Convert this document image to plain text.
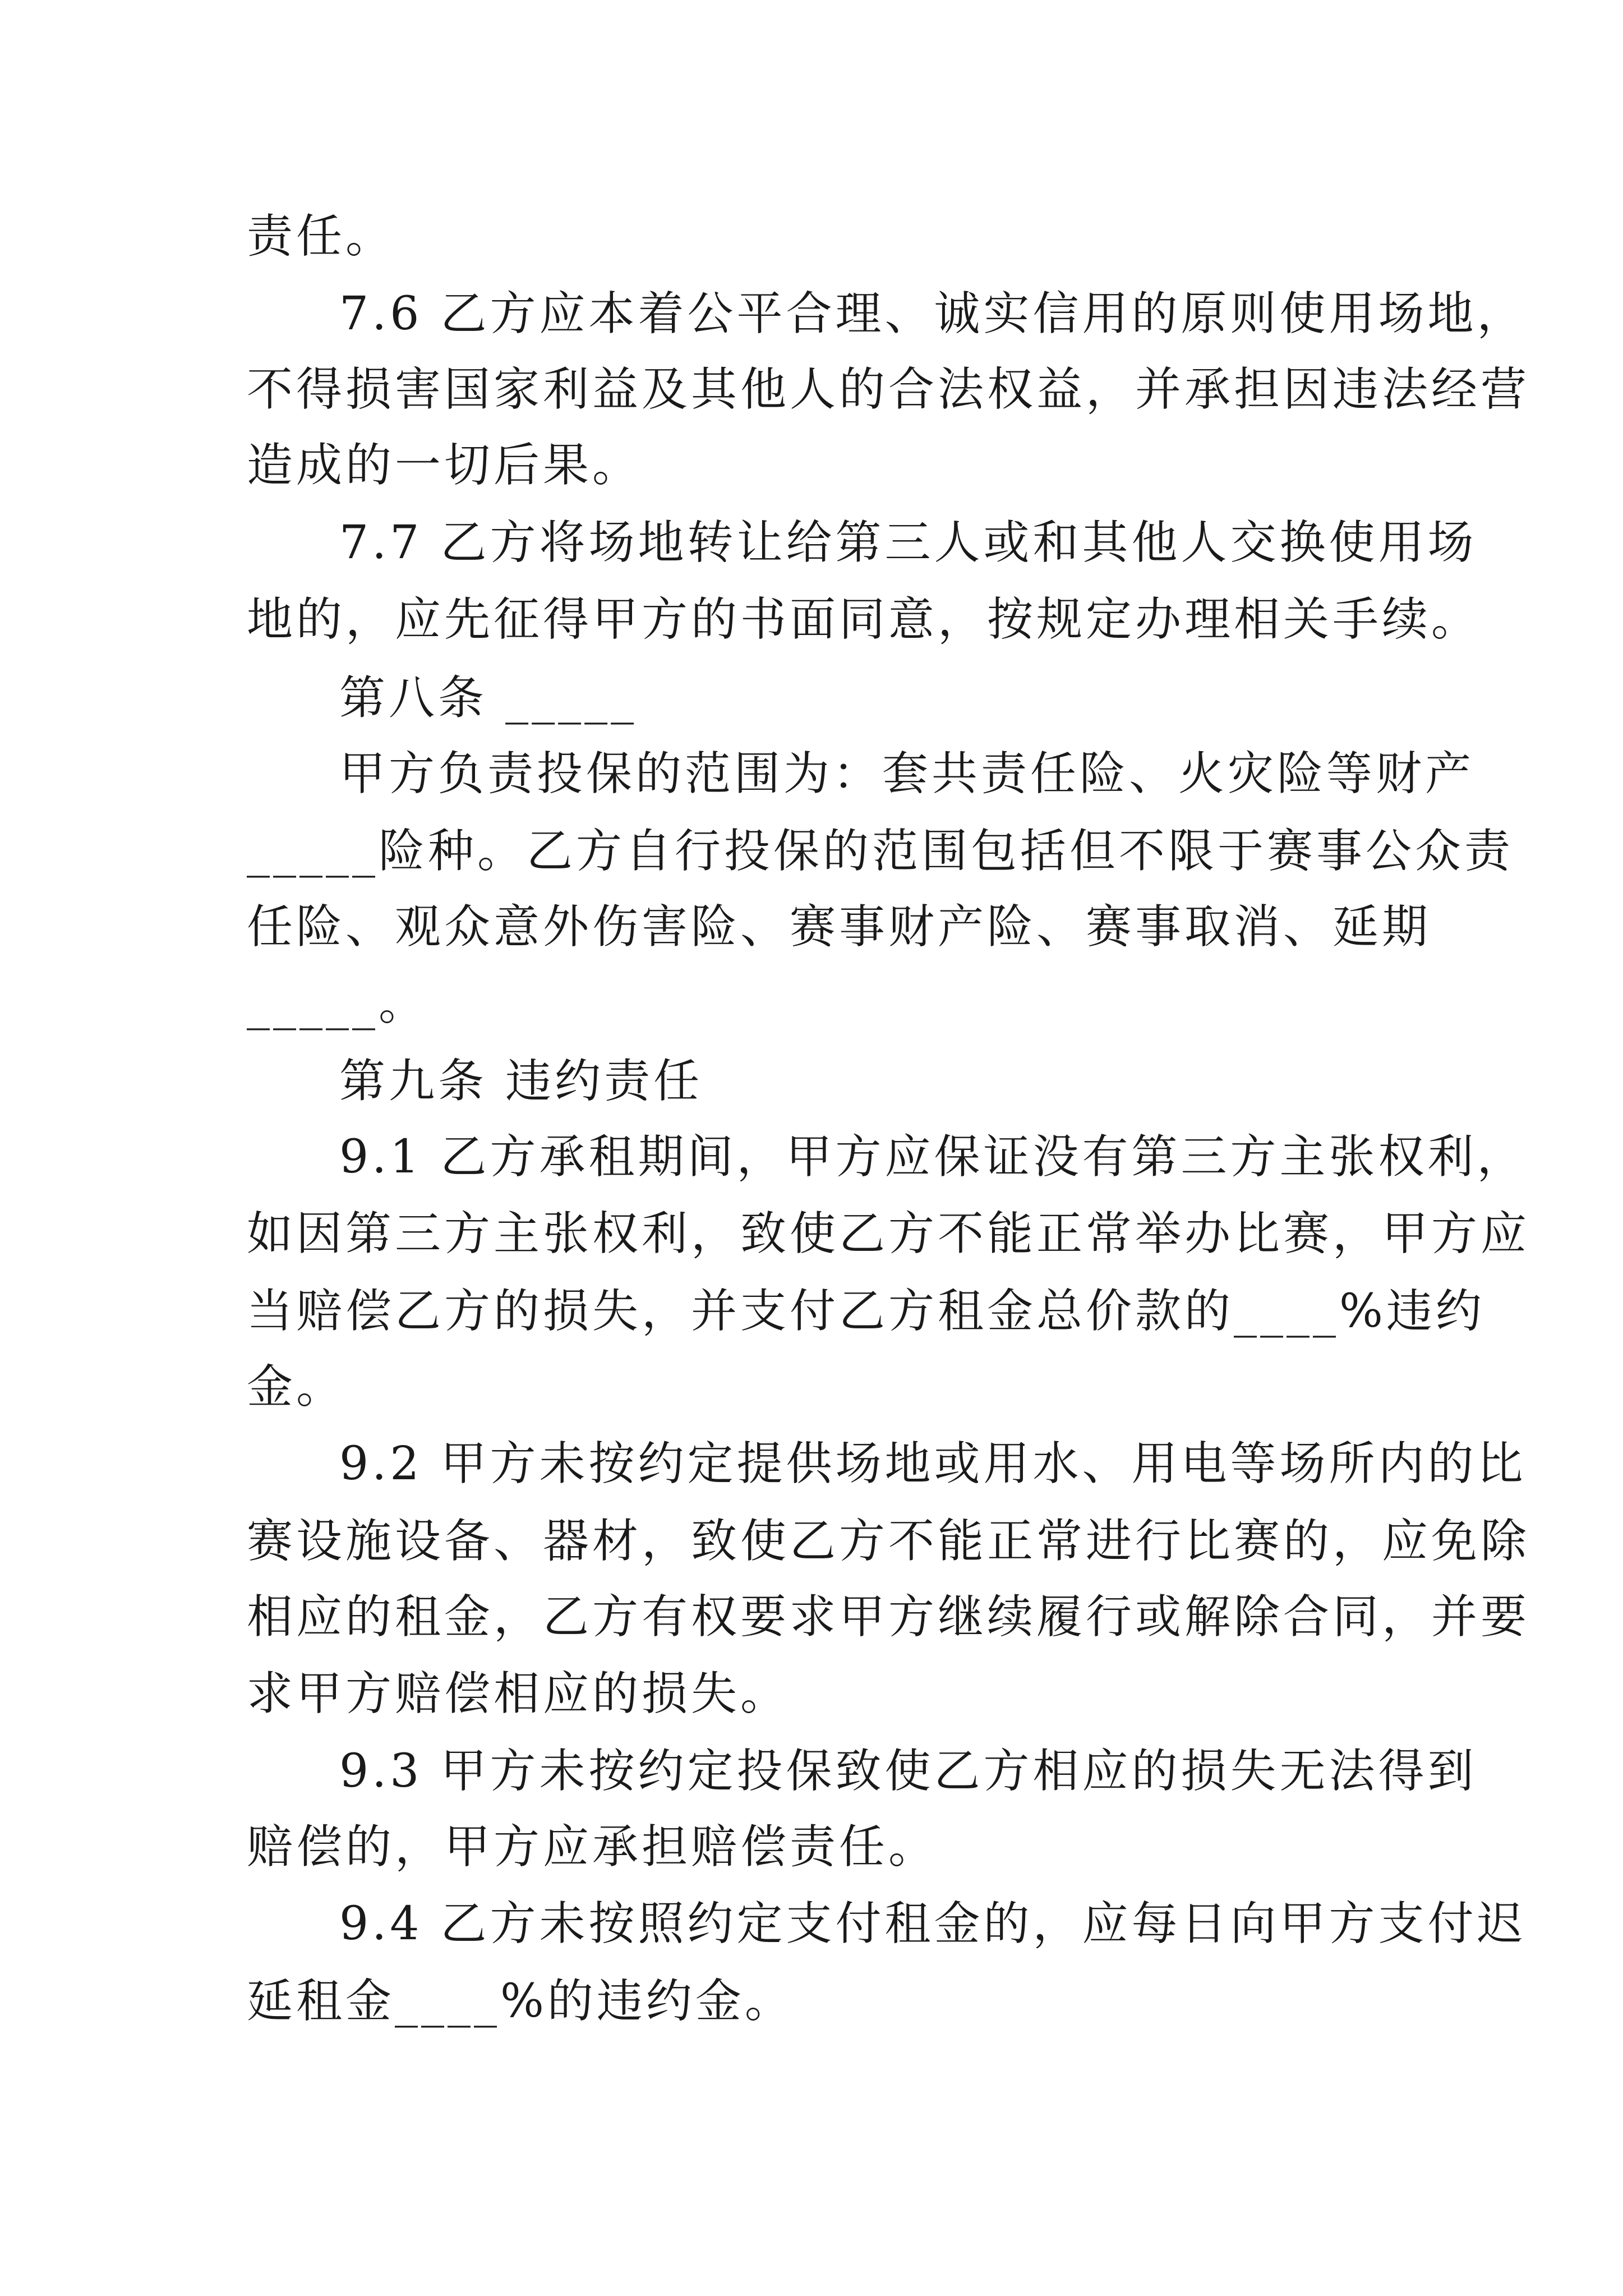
责任。
7.6 乙方应本着公平合理、诚实信用的原则使用场地，
不得损害国家利益及其他人的合法权益，并承担因违法经营
造成的一切后果。
7.7 乙方将场地转让给第三人或和其他人交换使用场
地的，应先征得甲方的书面同意，按规定办理相关手续。
第八条 _____
甲方负责投保的范围为：套共责任险、火灾险等财产
_____险种。乙方自行投保的范围包括但不限于赛事公众责
任险、观众意外伤害险、赛事财产险、赛事取消、延期
_____。
第九条 违约责任
9.1 乙方承租期间，甲方应保证没有第三方主张权利，
如因第三方主张权利，致使乙方不能正常举办比赛，甲方应
当赔偿乙方的损失，并支付乙方租金总价款的____%违约
金。
9.2 甲方未按约定提供场地或用水、用电等场所内的比
赛设施设备、器材，致使乙方不能正常进行比赛的，应免除
相应的租金，乙方有权要求甲方继续履行或解除合同，并要
求甲方赔偿相应的损失。
9.3 甲方未按约定投保致使乙方相应的损失无法得到
赔偿的，甲方应承担赔偿责任。
9.4 乙方未按照约定支付租金的，应每日向甲方支付迟
延租金____%的违约金。
